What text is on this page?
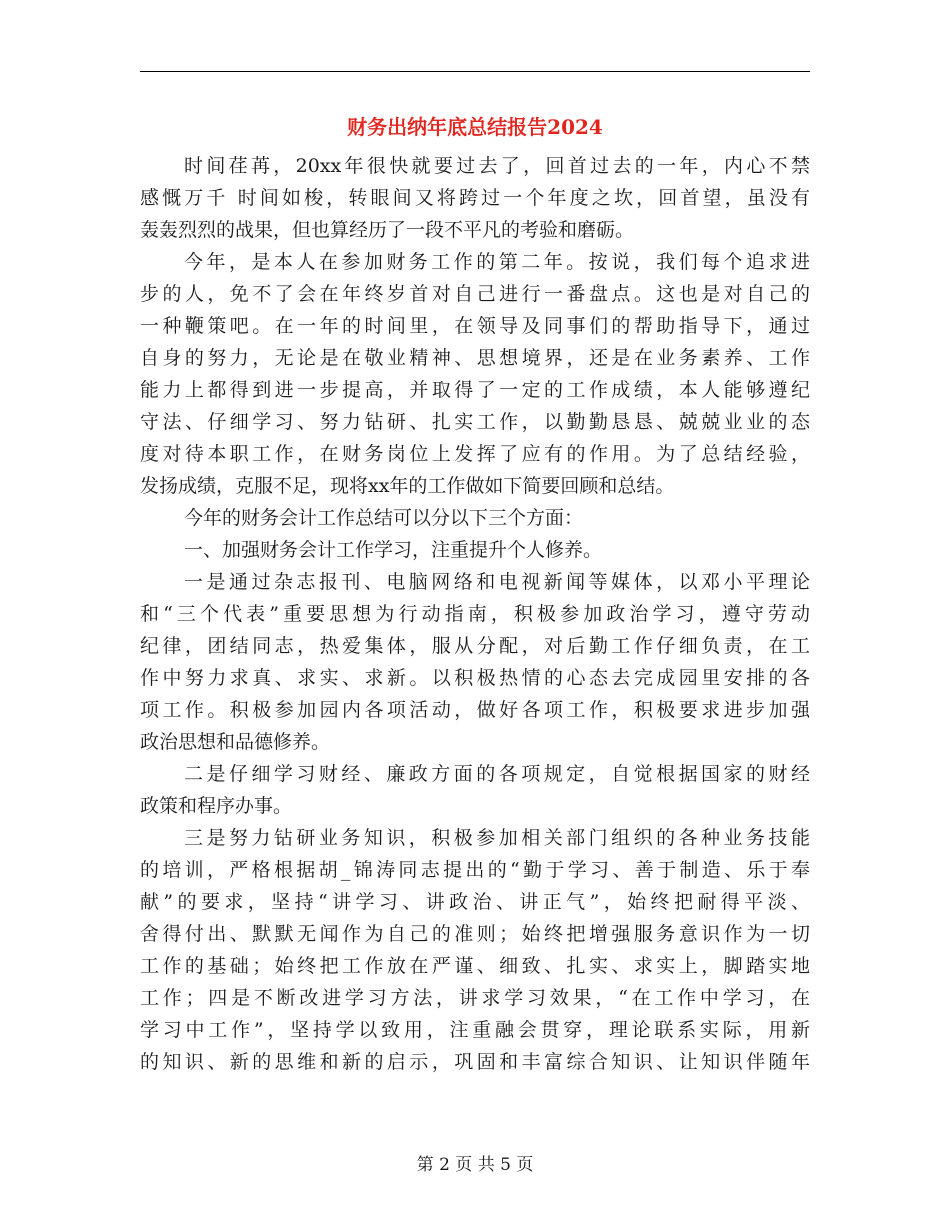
财务出纳年底总结报告2024
时间荏苒，20xx年很快就要过去了，回首过去的一年，内心不禁
感慨万千 时间如梭，转眼间又将跨过一个年度之坎，回首望，虽没有
轰轰烈烈的战果，但也算经历了一段不平凡的考验和磨砺。
今年，是本人在参加财务工作的第二年。按说，我们每个追求进
步的人，免不了会在年终岁首对自己进行一番盘点。这也是对自己的
一种鞭策吧。在一年的时间里，在领导及同事们的帮助指导下，通过
自身的努力，无论是在敬业精神、思想境界，还是在业务素养、工作
能力上都得到进一步提高，并取得了一定的工作成绩，本人能够遵纪
守法、仔细学习、努力钻研、扎实工作，以勤勤恳恳、兢兢业业的态
度对待本职工作，在财务岗位上发挥了应有的作用。为了总结经验，
发扬成绩，克服不足，现将xx年的工作做如下简要回顾和总结。
今年的财务会计工作总结可以分以下三个方面：
一、加强财务会计工作学习，注重提升个人修养。
一是通过杂志报刊、电脑网络和电视新闻等媒体，以邓小平理论
和“三个代表”重要思想为行动指南，积极参加政治学习，遵守劳动
纪律，团结同志，热爱集体，服从分配，对后勤工作仔细负责，在工
作中努力求真、求实、求新。以积极热情的心态去完成园里安排的各
项工作。积极参加园内各项活动，做好各项工作，积极要求进步加强
政治思想和品德修养。
二是仔细学习财经、廉政方面的各项规定，自觉根据国家的财经
政策和程序办事。
三是努力钻研业务知识，积极参加相关部门组织的各种业务技能
的培训，严格根据胡_锦涛同志提出的“勤于学习、善于制造、乐于奉
献”的要求，坚持“讲学习、讲政治、讲正气”，始终把耐得平淡、
舍得付出、默默无闻作为自己的准则；始终把增强服务意识作为一切
工作的基础；始终把工作放在严谨、细致、扎实、求实上，脚踏实地
工作；四是不断改进学习方法，讲求学习效果，“在工作中学习，在
学习中工作”，坚持学以致用，注重融会贯穿，理论联系实际，用新
的知识、新的思维和新的启示，巩固和丰富综合知识、让知识伴随年
第 2 页 共 5 页
